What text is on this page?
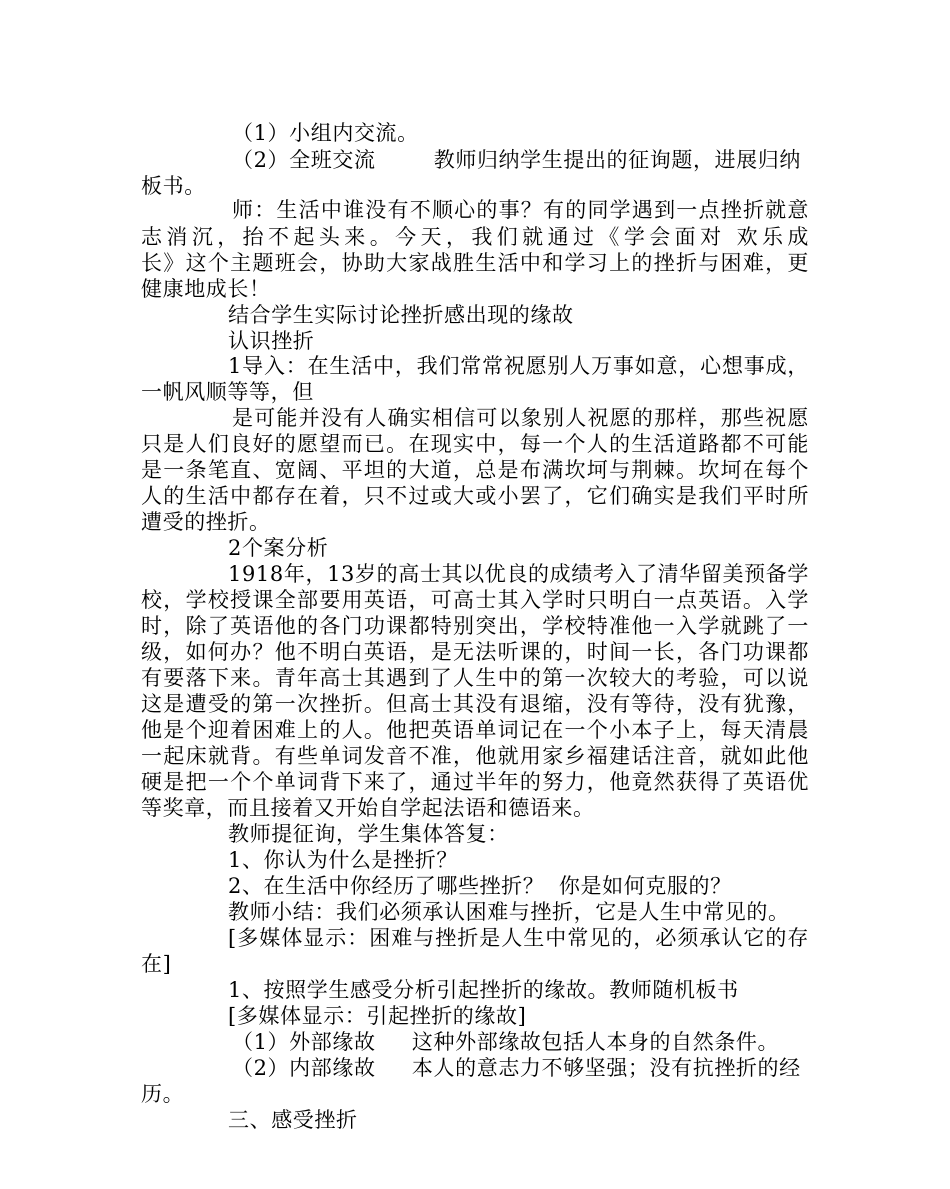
（1）小组内交流。
（2）全班交流        教师归纳学生提出的征询题，进展归纳
板书。
师：生活中谁没有不顺心的事？有的同学遇到一点挫折就意
志消沉，抬不起头来。今天，我们就通过《学会面对 欢乐成
长》这个主题班会，协助大家战胜生活中和学习上的挫折与困难，更
健康地成长！
结合学生实际讨论挫折感出现的缘故
认识挫折
1导入：在生活中，我们常常祝愿别人万事如意，心想事成，
一帆风顺等等，但
是可能并没有人确实相信可以象别人祝愿的那样，那些祝愿
只是人们良好的愿望而已。在现实中，每一个人的生活道路都不可能
是一条笔直、宽阔、平坦的大道，总是布满坎坷与荆棘。坎坷在每个
人的生活中都存在着，只不过或大或小罢了，它们确实是我们平时所
遭受的挫折。
2个案分析
1918年，13岁的高士其以优良的成绩考入了清华留美预备学
校，学校授课全部要用英语，可高士其入学时只明白一点英语。入学
时，除了英语他的各门功课都特别突出，学校特准他一入学就跳了一
级，如何办？他不明白英语，是无法听课的，时间一长，各门功课都
有要落下来。青年高士其遇到了人生中的第一次较大的考验，可以说
这是遭受的第一次挫折。但高士其没有退缩，没有等待，没有犹豫，
他是个迎着困难上的人。他把英语单词记在一个小本子上，每天清晨
一起床就背。有些单词发音不准，他就用家乡福建话注音，就如此他
硬是把一个个单词背下来了，通过半年的努力，他竟然获得了英语优
等奖章，而且接着又开始自学起法语和德语来。
教师提征询，学生集体答复：
1、你认为什么是挫折？
2、在生活中你经历了哪些挫折？  你是如何克服的？
教师小结：我们必须承认困难与挫折，它是人生中常见的。
[多媒体显示：困难与挫折是人生中常见的，必须承认它的存
在]
1、按照学生感受分析引起挫折的缘故。教师随机板书
[多媒体显示：引起挫折的缘故]
（1）外部缘故     这种外部缘故包括人本身的自然条件。
（2）内部缘故     本人的意志力不够坚强；没有抗挫折的经
历。
三、感受挫折
